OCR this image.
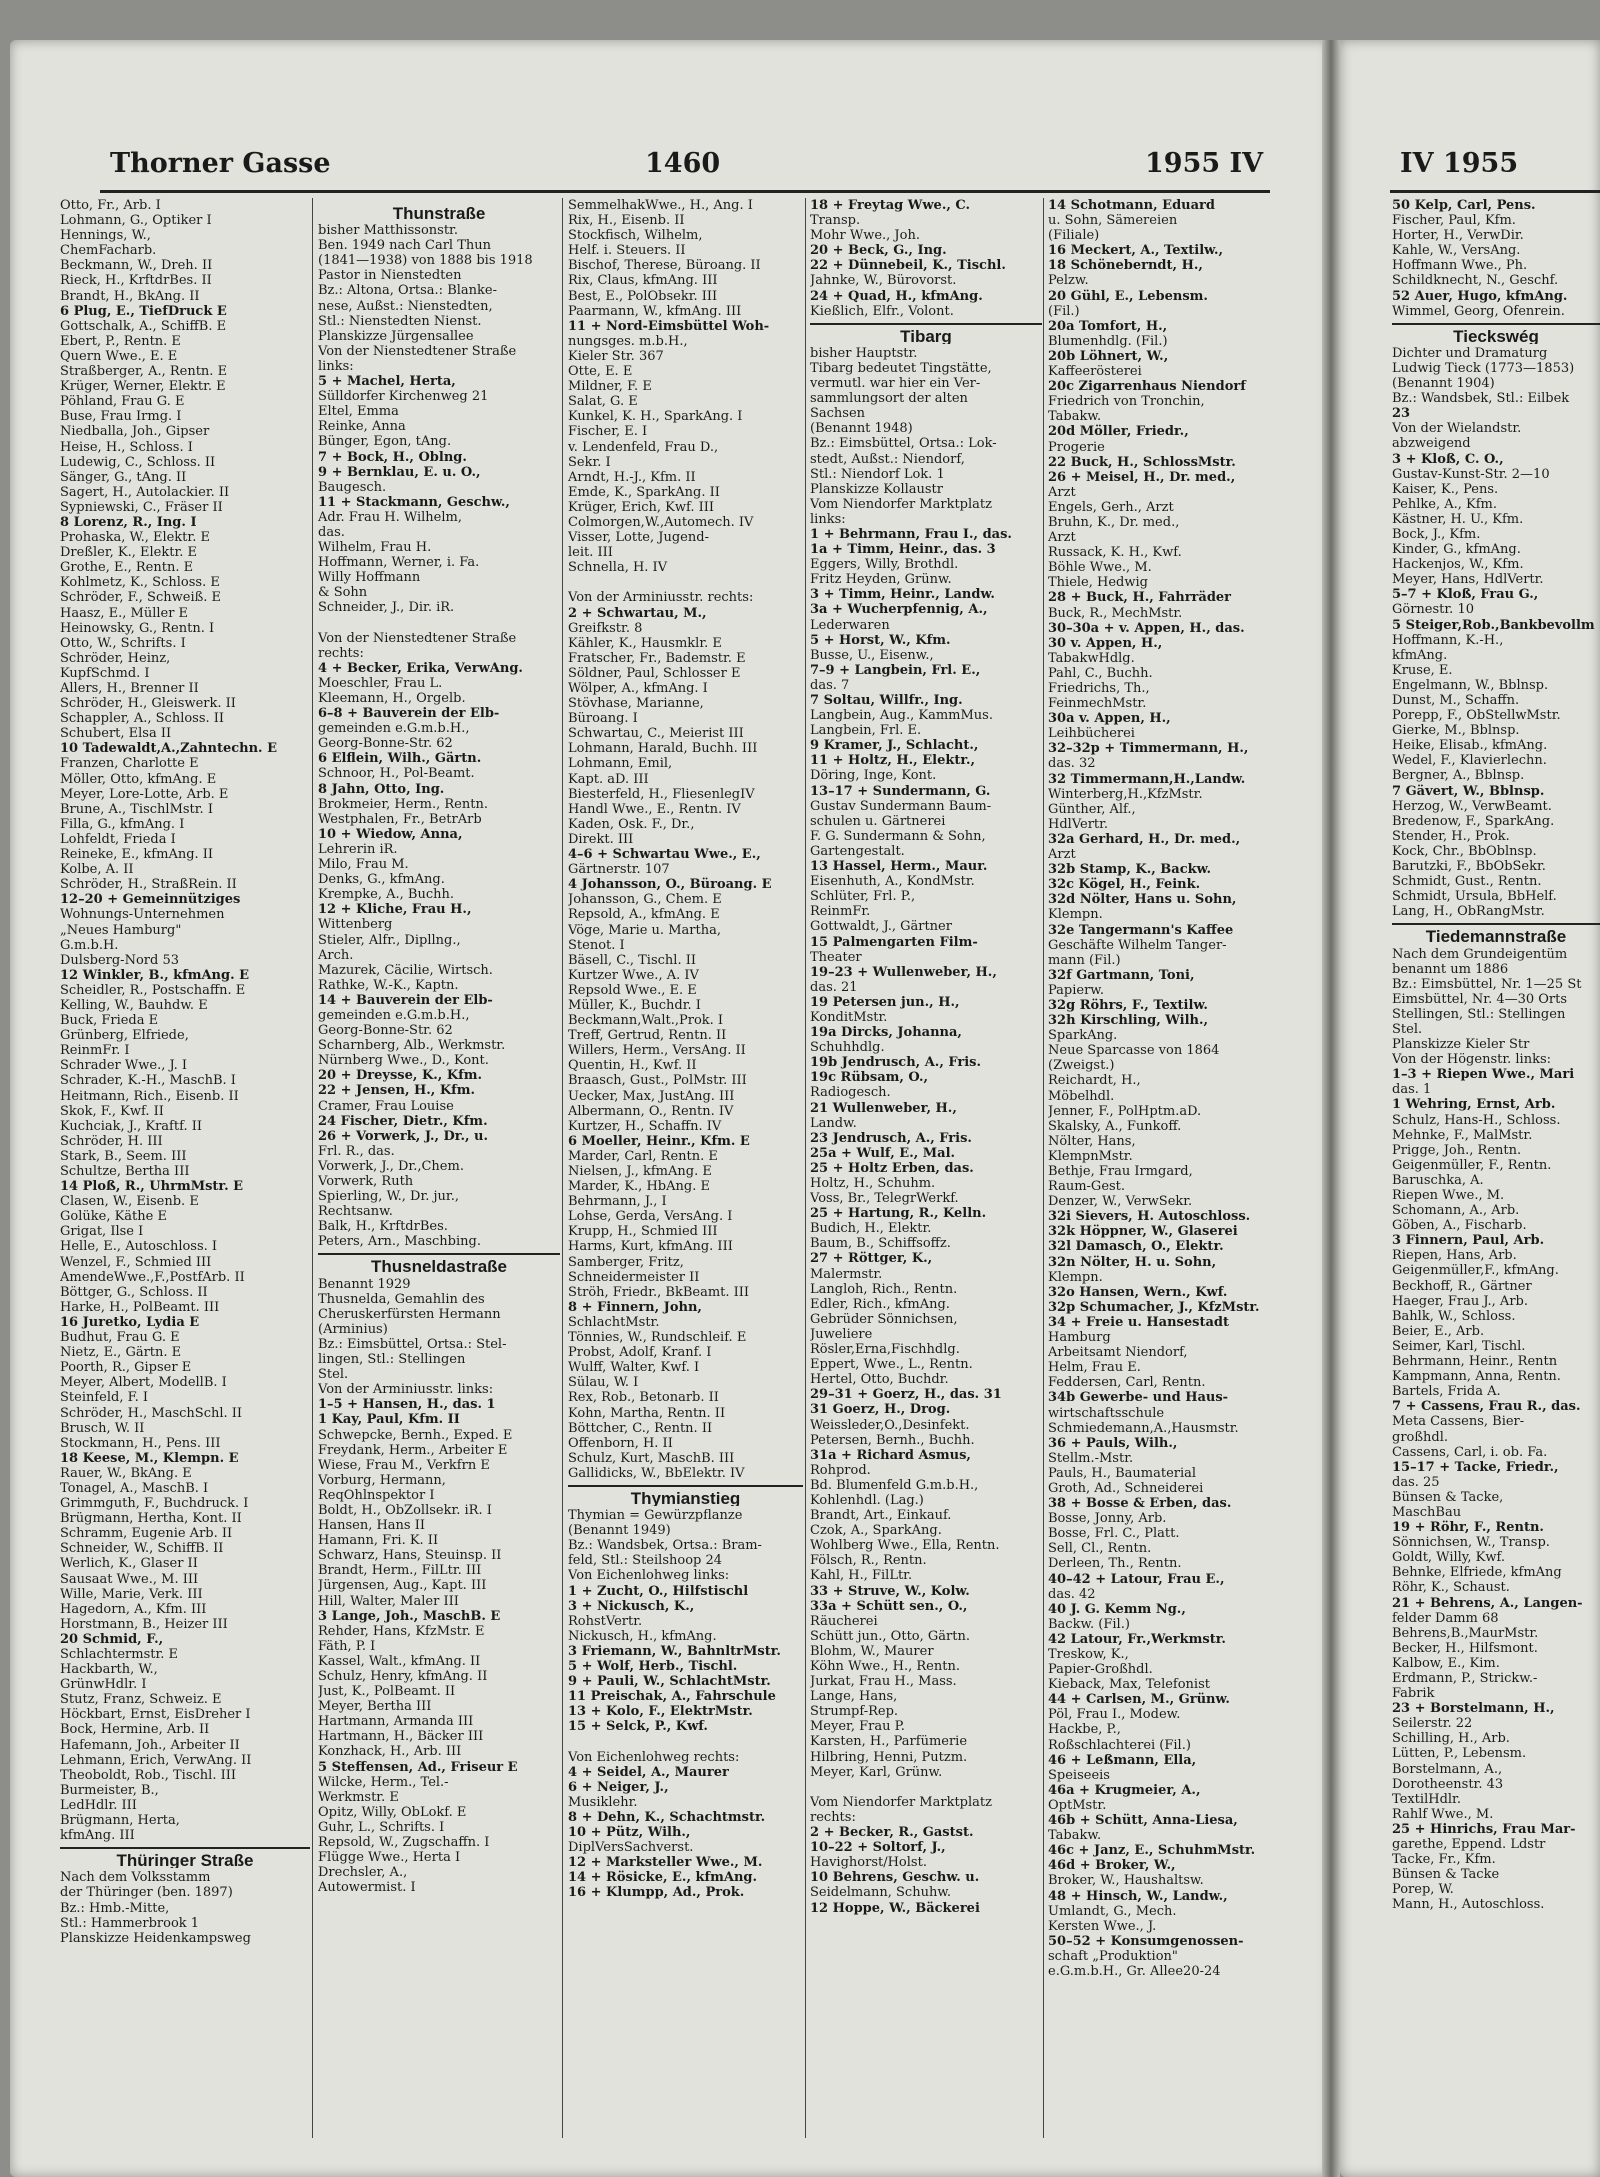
Thorner Gasse	1460	1955 IV	IV 1955
Otto, Fr., Arb. I
Lohmann, G., Optiker I
Hennings, W.,
ChemFacharb.
Beckmann, W., Dreh. II
Rieck, H., KrftdrBes. II
Brandt, H., BkAng. II
6 Plug, E., TiefDruck E
Gottschalk, A., SchiffB. E
Ebert, P., Rentn. E
Quern Wwe., E. E
Straßberger, A., Rentn. E
Krüger, Werner, Elektr. E
Pöhland, Frau G. E
Buse, Frau Irmg. I
Niedballa, Joh., Gipser
Heise, H., Schloss. I
Ludewig, C., Schloss. II
Sänger, G., tAng. II
Sagert, H., Autolackier. II
Sypniewski, C., Fräser II
8 Lorenz, R., Ing. I
Prohaska, W., Elektr. E
Dreßler, K., Elektr. E
Grothe, E., Rentn. E
Kohlmetz, K., Schloss. E
Schröder, F., Schweiß. E
Haasz, E., Müller E
Heinowsky, G., Rentn. I
Otto, W., Schrifts. I
Schröder, Heinz,
KupfSchmd. I
Allers, H., Brenner II
Schröder, H., Gleiswerk. II
Schappler, A., Schloss. II
Schubert, Elsa II
10 Tadewaldt,A.,Zahntechn. E
Franzen, Charlotte E
Möller, Otto, kfmAng. E
Meyer, Lore-Lotte, Arb. E
Brune, A., TischlMstr. I
Filla, G., kfmAng. I
Lohfeldt, Frieda I
Reineke, E., kfmAng. II
Kolbe, A. II
Schröder, H., StraßRein. II
12–20 + Gemeinnütziges
Wohnungs-Unternehmen
„Neues Hamburg"
G.m.b.H.
Dulsberg-Nord 53
12 Winkler, B., kfmAng. E
Scheidler, R., Postschaffn. E
Kelling, W., Bauhdw. E
Buck, Frieda E
Grünberg, Elfriede,
ReinmFr. I
Schrader Wwe., J. I
Schrader, K.-H., MaschB. I
Heitmann, Rich., Eisenb. II
Skok, F., Kwf. II
Kuchciak, J., Kraftf. II
Schröder, H. III
Stark, B., Seem. III
Schultze, Bertha III
14 Ploß, R., UhrmMstr. E
Clasen, W., Eisenb. E
Golüke, Käthe E
Grigat, Ilse I
Helle, E., Autoschloss. I
Wenzel, F., Schmied III
AmendeWwe.,F.,PostfArb. II
Böttger, G., Schloss. II
Harke, H., PolBeamt. III
16 Juretko, Lydia E
Budhut, Frau G. E
Nietz, E., Gärtn. E
Poorth, R., Gipser E
Meyer, Albert, ModellB. I
Steinfeld, F. I
Schröder, H., MaschSchl. II
Brusch, W. II
Stockmann, H., Pens. III
18 Keese, M., Klempn. E
Rauer, W., BkAng. E
Tonagel, A., MaschB. I
Grimmguth, F., Buchdruck. I
Brügmann, Hertha, Kont. II
Schramm, Eugenie Arb. II
Schneider, W., SchiffB. II
Werlich, K., Glaser II
Sausaat Wwe., M. III
Wille, Marie, Verk. III
Hagedorn, A., Kfm. III
Horstmann, B., Heizer III
20 Schmid, F.,
Schlachtermstr. E
Hackbarth, W.,
GrünwHdlr. I
Stutz, Franz, Schweiz. E
Höckbart, Ernst, EisDreher I
Bock, Hermine, Arb. II
Hafemann, Joh., Arbeiter II
Lehmann, Erich, VerwAng. II
Theoboldt, Rob., Tischl. III
Burmeister, B.,
LedHdlr. III
Brügmann, Herta,
kfmAng. III
Thüringer Straße
Nach dem Volksstamm
der Thüringer (ben. 1897)
Bz.: Hmb.-Mitte,
Stl.: Hammerbrook 1
Planskizze Heidenkampsweg
Thunstraße
bisher Matthissonstr.
Ben. 1949 nach Carl Thun
(1841—1938) von 1888 bis 1918
Pastor in Nienstedten
Bz.: Altona, Ortsa.: Blanke-
nese, Außst.: Nienstedten,
Stl.: Nienstedten Nienst.
Planskizze Jürgensallee
Von der Nienstedtener Straße
links:
5 + Machel, Herta,
Sülldorfer Kirchenweg 21
Eltel, Emma
Reinke, Anna
Bünger, Egon, tAng.
7 + Bock, H., Oblng.
9 + Bernklau, E. u. O.,
Baugesch.
11 + Stackmann, Geschw.,
Adr. Frau H. Wilhelm,
das.
Wilhelm, Frau H.
Hoffmann, Werner, i. Fa.
Willy Hoffmann
& Sohn
Schneider, J., Dir. iR.

Von der Nienstedtener Straße
rechts:
4 + Becker, Erika, VerwAng.
Moeschler, Frau L.
Kleemann, H., Orgelb.
6–8 + Bauverein der Elb-
gemeinden e.G.m.b.H.,
Georg-Bonne-Str. 62
6 Elflein, Wilh., Gärtn.
Schnoor, H., Pol-Beamt.
8 Jahn, Otto, Ing.
Brokmeier, Herm., Rentn.
Westphalen, Fr., BetrArb
10 + Wiedow, Anna,
Lehrerin iR.
Milo, Frau M.
Denks, G., kfmAng.
Krempke, A., Buchh.
12 + Kliche, Frau H.,
Wittenberg
Stieler, Alfr., Dipllng.,
Arch.
Mazurek, Cäcilie, Wirtsch.
Rathke, W.-K., Kaptn.
14 + Bauverein der Elb-
gemeinden e.G.m.b.H.,
Georg-Bonne-Str. 62
Scharnberg, Alb., Werkmstr.
Nürnberg Wwe., D., Kont.
20 + Dreysse, K., Kfm.
22 + Jensen, H., Kfm.
Cramer, Frau Louise
24 Fischer, Dietr., Kfm.
26 + Vorwerk, J., Dr., u.
Frl. R., das.
Vorwerk, J., Dr.,Chem.
Vorwerk, Ruth
Spierling, W., Dr. jur.,
Rechtsanw.
Balk, H., KrftdrBes.
Peters, Arn., Maschbing.
Thusneldastraße
Benannt 1929
Thusnelda, Gemahlin des
Cheruskerfürsten Hermann
(Arminius)
Bz.: Eimsbüttel, Ortsa.: Stel-
lingen, Stl.: Stellingen
Stel.
Von der Arminiusstr. links:
1–5 + Hansen, H., das. 1
1 Kay, Paul, Kfm. II
Schwepcke, Bernh., Exped. E
Freydank, Herm., Arbeiter E
Wiese, Frau M., Verkfrn E
Vorburg, Hermann,
ReqOhlnspektor I
Boldt, H., ObZollsekr. iR. I
Hansen, Hans II
Hamann, Fri. K. II
Schwarz, Hans, Steuinsp. II
Brandt, Herm., FilLtr. III
Jürgensen, Aug., Kapt. III
Hill, Walter, Maler III
3 Lange, Joh., MaschB. E
Rehder, Hans, KfzMstr. E
Fäth, P. I
Kassel, Walt., kfmAng. II
Schulz, Henry, kfmAng. II
Just, K., PolBeamt. II
Meyer, Bertha III
Hartmann, Armanda III
Hartmann, H., Bäcker III
Konzhack, H., Arb. III
5 Steffensen, Ad., Friseur E
Wilcke, Herm., Tel.-
Werkmstr. E
Opitz, Willy, ObLokf. E
Guhr, L., Schrifts. I
Repsold, W., Zugschaffn. I
Flügge Wwe., Herta I
Drechsler, A.,
Autowermist. I
SemmelhakWwe., H., Ang. I
Rix, H., Eisenb. II
Stockfisch, Wilhelm,
Helf. i. Steuers. II
Bischof, Therese, Büroang. II
Rix, Claus, kfmAng. III
Best, E., PolObsekr. III
Paarmann, W., kfmAng. III
11 + Nord-Eimsbüttel Woh-
nungsges. m.b.H.,
Kieler Str. 367
Otte, E. E
Mildner, F. E
Salat, G. E
Kunkel, K. H., SparkAng. I
Fischer, E. I
v. Lendenfeld, Frau D.,
Sekr. I
Arndt, H.-J., Kfm. II
Emde, K., SparkAng. II
Krüger, Erich, Kwf. III
Colmorgen,W.,Automech. IV
Visser, Lotte, Jugend-
leit. III
Schnella, H. IV

Von der Arminiusstr. rechts:
2 + Schwartau, M.,
Greifkstr. 8
Kähler, K., Hausmklr. E
Fratscher, Fr., Bademstr. E
Söldner, Paul, Schlosser E
Wölper, A., kfmAng. I
Stövhase, Marianne,
Büroang. I
Schwartau, C., Meierist III
Lohmann, Harald, Buchh. III
Lohmann, Emil,
Kapt. aD. III
Biesterfeld, H., FliesenlegIV
Handl Wwe., E., Rentn. IV
Kaden, Osk. F., Dr.,
Direkt. III
4–6 + Schwartau Wwe., E.,
Gärtnerstr. 107
4 Johansson, O., Büroang. E
Johansson, G., Chem. E
Repsold, A., kfmAng. E
Vöge, Marie u. Martha,
Stenot. I
Bäsell, C., Tischl. II
Kurtzer Wwe., A. IV
Repsold Wwe., E. E
Müller, K., Buchdr. I
Beckmann,Walt.,Prok. I
Treff, Gertrud, Rentn. II
Willers, Herm., VersAng. II
Quentin, H., Kwf. II
Braasch, Gust., PolMstr. III
Uecker, Max, JustAng. III
Albermann, O., Rentn. IV
Kurtzer, H., Schaffn. IV
6 Moeller, Heinr., Kfm. E
Marder, Carl, Rentn. E
Nielsen, J., kfmAng. E
Marder, K., HbAng. E
Behrmann, J., I
Lohse, Gerda, VersAng. I
Krupp, H., Schmied III
Harms, Kurt, kfmAng. III
Samberger, Fritz,
Schneidermeister II
Ströh, Friedr., BkBeamt. III
8 + Finnern, John,
SchlachtMstr.
Tönnies, W., Rundschleif. E
Probst, Adolf, Kranf. I
Wulff, Walter, Kwf. I
Sülau, W. I
Rex, Rob., Betonarb. II
Kohn, Martha, Rentn. II
Böttcher, C., Rentn. II
Offenborn, H. II
Schulz, Kurt, MaschB. III
Gallidicks, W., BbElektr. IV
Thymianstieg
Thymian = Gewürzpflanze
(Benannt 1949)
Bz.: Wandsbek, Ortsa.: Bram-
feld, Stl.: Steilshoop 24
Von Eichenlohweg links:
1 + Zucht, O., Hilfstischl
3 + Nickusch, K.,
RohstVertr.
Nickusch, H., kfmAng.
3 Friemann, W., BahnltrMstr.
5 + Wolf, Herb., Tischl.
9 + Pauli, W., SchlachtMstr.
11 Preischak, A., Fahrschule
13 + Kolo, F., ElektrMstr.
15 + Selck, P., Kwf.

Von Eichenlohweg rechts:
4 + Seidel, A., Maurer
6 + Neiger, J.,
Musiklehr.
8 + Dehn, K., Schachtmstr.
10 + Pütz, Wilh.,
DiplVersSachverst.
12 + Marksteller Wwe., M.
14 + Rösicke, E., kfmAng.
16 + Klumpp, Ad., Prok.
18 + Freytag Wwe., C.
Transp.
Mohr Wwe., Joh.
20 + Beck, G., Ing.
22 + Dünnebeil, K., Tischl.
Jahnke, W., Bürovorst.
24 + Quad, H., kfmAng.
Kießlich, Elfr., Volont.
Tibarg
bisher Hauptstr.
Tibarg bedeutet Tingstätte,
vermutl. war hier ein Ver-
sammlungsort der alten
Sachsen
(Benannt 1948)
Bz.: Eimsbüttel, Ortsa.: Lok-
stedt, Außst.: Niendorf,
Stl.: Niendorf Lok. 1
Planskizze Kollaustr
Vom Niendorfer Marktplatz
links:
1 + Behrmann, Frau I., das.
1a + Timm, Heinr., das. 3
Eggers, Willy, Brothdl.
Fritz Heyden, Grünw.
3 + Timm, Heinr., Landw.
3a + Wucherpfennig, A.,
Lederwaren
5 + Horst, W., Kfm.
Busse, U., Eisenw.,
7–9 + Langbein, Frl. E.,
das. 7
7 Soltau, Willfr., Ing.
Langbein, Aug., KammMus.
Langbein, Frl. E.
9 Kramer, J., Schlacht.,
11 + Holtz, H., Elektr.,
Döring, Inge, Kont.
13–17 + Sundermann, G.
Gustav Sundermann Baum-
schulen u. Gärtnerei
F. G. Sundermann & Sohn,
Gartengestalt.
13 Hassel, Herm., Maur.
Eisenhuth, A., KondMstr.
Schlüter, Frl. P.,
ReinmFr.
Gottwaldt, J., Gärtner
15 Palmengarten Film-
Theater
19–23 + Wullenweber, H.,
das. 21
19 Petersen jun., H.,
KonditMstr.
19a Dircks, Johanna,
Schuhhdlg.
19b Jendrusch, A., Fris.
19c Rübsam, O.,
Radiogesch.
21 Wullenweber, H.,
Landw.
23 Jendrusch, A., Fris.
25a + Wulf, E., Mal.
25 + Holtz Erben, das.
Holtz, H., Schuhm.
Voss, Br., TelegrWerkf.
25 + Hartung, R., Kelln.
Budich, H., Elektr.
Baum, B., Schiffsoffz.
27 + Röttger, K.,
Malermstr.
Langloh, Rich., Rentn.
Edler, Rich., kfmAng.
Gebrüder Sönnichsen,
Juweliere
Rösler,Erna,Fischhdlg.
Eppert, Wwe., L., Rentn.
Hertel, Otto, Buchdr.
29–31 + Goerz, H., das. 31
31 Goerz, H., Drog.
Weissleder,O.,Desinfekt.
Petersen, Bernh., Buchh.
31a + Richard Asmus,
Rohprod.
Bd. Blumenfeld G.m.b.H.,
Kohlenhdl. (Lag.)
Brandt, Art., Einkauf.
Czok, A., SparkAng.
Wohlberg Wwe., Ella, Rentn.
Fölsch, R., Rentn.
Kahl, H., FilLtr.
33 + Struve, W., Kolw.
33a + Schütt sen., O.,
Räucherei
Schütt jun., Otto, Gärtn.
Blohm, W., Maurer
Köhn Wwe., H., Rentn.
Jurkat, Frau H., Mass.
Lange, Hans,
Strumpf-Rep.
Meyer, Frau P.
Karsten, H., Parfümerie
Hilbring, Henni, Putzm.
Meyer, Karl, Grünw.

Vom Niendorfer Marktplatz
rechts:
2 + Becker, R., Gastst.
10–22 + Soltorf, J.,
Havighorst/Holst.
10 Behrens, Geschw. u.
Seidelmann, Schuhw.
12 Hoppe, W., Bäckerei
14 Schotmann, Eduard
u. Sohn, Sämereien
(Filiale)
16 Meckert, A., Textilw.,
18 Schöneberndt, H.,
Pelzw.
20 Gühl, E., Lebensm.
(Fil.)
20a Tomfort, H.,
Blumenhdlg. (Fil.)
20b Löhnert, W.,
Kaffeerösterei
20c Zigarrenhaus Niendorf
Friedrich von Tronchin,
Tabakw.
20d Möller, Friedr.,
Progerie
22 Buck, H., SchlossMstr.
26 + Meisel, H., Dr. med.,
Arzt
Engels, Gerh., Arzt
Bruhn, K., Dr. med.,
Arzt
Russack, K. H., Kwf.
Böhle Wwe., M.
Thiele, Hedwig
28 + Buck, H., Fahrräder
Buck, R., MechMstr.
30–30a + v. Appen, H., das.
30 v. Appen, H.,
TabakwHdlg.
Pahl, C., Buchh.
Friedrichs, Th.,
FeinmechMstr.
30a v. Appen, H.,
Leihbücherei
32–32p + Timmermann, H.,
das. 32
32 Timmermann,H.,Landw.
Winterberg,H.,KfzMstr.
Günther, Alf.,
HdlVertr.
32a Gerhard, H., Dr. med.,
Arzt
32b Stamp, K., Backw.
32c Kögel, H., Feink.
32d Nölter, Hans u. Sohn,
Klempn.
32e Tangermann's Kaffee
Geschäfte Wilhelm Tanger-
mann (Fil.)
32f Gartmann, Toni,
Papierw.
32g Röhrs, F., Textilw.
32h Kirschling, Wilh.,
SparkAng.
Neue Sparcasse von 1864
(Zweigst.)
Reichardt, H.,
Möbelhdl.
Jenner, F., PolHptm.aD.
Skalsky, A., Funkoff.
Nölter, Hans,
KlempnMstr.
Bethje, Frau Irmgard,
Raum-Gest.
Denzer, W., VerwSekr.
32i Sievers, H. Autoschloss.
32k Höppner, W., Glaserei
32l Damasch, O., Elektr.
32n Nölter, H. u. Sohn,
Klempn.
32o Hansen, Wern., Kwf.
32p Schumacher, J., KfzMstr.
34 + Freie u. Hansestadt
Hamburg
Arbeitsamt Niendorf,
Helm, Frau E.
Feddersen, Carl, Rentn.
34b Gewerbe- und Haus-
wirtschaftsschule
Schmiedemann,A.,Hausmstr.
36 + Pauls, Wilh.,
Stellm.-Mstr.
Pauls, H., Baumaterial
Groth, Ad., Schneiderei
38 + Bosse & Erben, das.
Bosse, Jonny, Arb.
Bosse, Frl. C., Platt.
Sell, Cl., Rentn.
Derleen, Th., Rentn.
40–42 + Latour, Frau E.,
das. 42
40 J. G. Kemm Ng.,
Backw. (Fil.)
42 Latour, Fr.,Werkmstr.
Treskow, K.,
Papier-Großhdl.
Kieback, Max, Telefonist
44 + Carlsen, M., Grünw.
Pöl, Frau I., Modew.
Hackbe, P.,
Roßschlachterei (Fil.)
46 + Leßmann, Ella,
Speiseeis
46a + Krugmeier, A.,
OptMstr.
46b + Schütt, Anna-Liesa,
Tabakw.
46c + Janz, E., SchuhmMstr.
46d + Broker, W.,
Broker, W., Haushaltsw.
48 + Hinsch, W., Landw.,
Umlandt, G., Mech.
Kersten Wwe., J.
50–52 + Konsumgenossen-
schaft „Produktion"
e.G.m.b.H., Gr. Allee20-24
50 Kelp, Carl, Pens.
Fischer, Paul, Kfm.
Horter, H., VerwDir.
Kahle, W., VersAng.
Hoffmann Wwe., Ph.
Schildknecht, N., Geschf.
52 Auer, Hugo, kfmAng.
Wimmel, Georg, Ofenrein.
Tieckswég
Dichter und Dramaturg
Ludwig Tieck (1773—1853)
(Benannt 1904)
Bz.: Wandsbek, Stl.: Eilbek
23
Von der Wielandstr.
abzweigend
3 + Kloß, C. O.,
Gustav-Kunst-Str. 2—10
Kaiser, K., Pens.
Pehlke, A., Kfm.
Kästner, H. U., Kfm.
Bock, J., Kfm.
Kinder, G., kfmAng.
Hackenjos, W., Kfm.
Meyer, Hans, HdlVertr.
5–7 + Kloß, Frau G.,
Görnestr. 10
5 Steiger,Rob.,Bankbevollm
Hoffmann, K.-H.,
kfmAng.
Kruse, E.
Engelmann, W., Bblnsp.
Dunst, M., Schaffn.
Porepp, F., ObStellwMstr.
Gierke, M., Bblnsp.
Heike, Elisab., kfmAng.
Wedel, F., Klavierlechn.
Bergner, A., Bblnsp.
7 Gävert, W., Bblnsp.
Herzog, W., VerwBeamt.
Bredenow, F., SparkAng.
Stender, H., Prok.
Kock, Chr., BbOblnsp.
Barutzki, F., BbObSekr.
Schmidt, Gust., Rentn.
Schmidt, Ursula, BbHelf.
Lang, H., ObRangMstr.
Tiedemannstraße
Nach dem Grundeigentüm
benannt um 1886
Bz.: Eimsbüttel, Nr. 1—25 St
Eimsbüttel, Nr. 4—30 Orts
Stellingen, Stl.: Stellingen
Stel.
Planskizze Kieler Str
Von der Högenstr. links:
1–3 + Riepen Wwe., Mari
das. 1
1 Wehring, Ernst, Arb.
Schulz, Hans-H., Schloss.
Mehnke, F., MalMstr.
Prigge, Joh., Rentn.
Geigenmüller, F., Rentn.
Baruschka, A.
Riepen Wwe., M.
Schomann, A., Arb.
Göben, A., Fischarb.
3 Finnern, Paul, Arb.
Riepen, Hans, Arb.
Geigenmüller,F., kfmAng.
Beckhoff, R., Gärtner
Haeger, Frau J., Arb.
Bahlk, W., Schloss.
Beier, E., Arb.
Seimer, Karl, Tischl.
Behrmann, Heinr., Rentn
Kampmann, Anna, Rentn.
Bartels, Frida A.
7 + Cassens, Frau R., das.
Meta Cassens, Bier-
großhdl.
Cassens, Carl, i. ob. Fa.
15–17 + Tacke, Friedr.,
das. 25
Bünsen & Tacke,
MaschBau
19 + Röhr, F., Rentn.
Sönnichsen, W., Transp.
Goldt, Willy, Kwf.
Behnke, Elfriede, kfmAng
Röhr, K., Schaust.
21 + Behrens, A., Langen-
felder Damm 68
Behrens,B.,MaurMstr.
Becker, H., Hilfsmont.
Kalbow, E., Kim.
Erdmann, P., Strickw.-
Fabrik
23 + Borstelmann, H.,
Seilerstr. 22
Schilling, H., Arb.
Lütten, P., Lebensm.
Borstelmann, A.,
Dorotheenstr. 43
TextilHdlr.
Rahlf Wwe., M.
25 + Hinrichs, Frau Mar-
garethe, Eppend. Ldstr
Tacke, Fr., Kfm.
Bünsen & Tacke
Porep, W.
Mann, H., Autoschloss.
